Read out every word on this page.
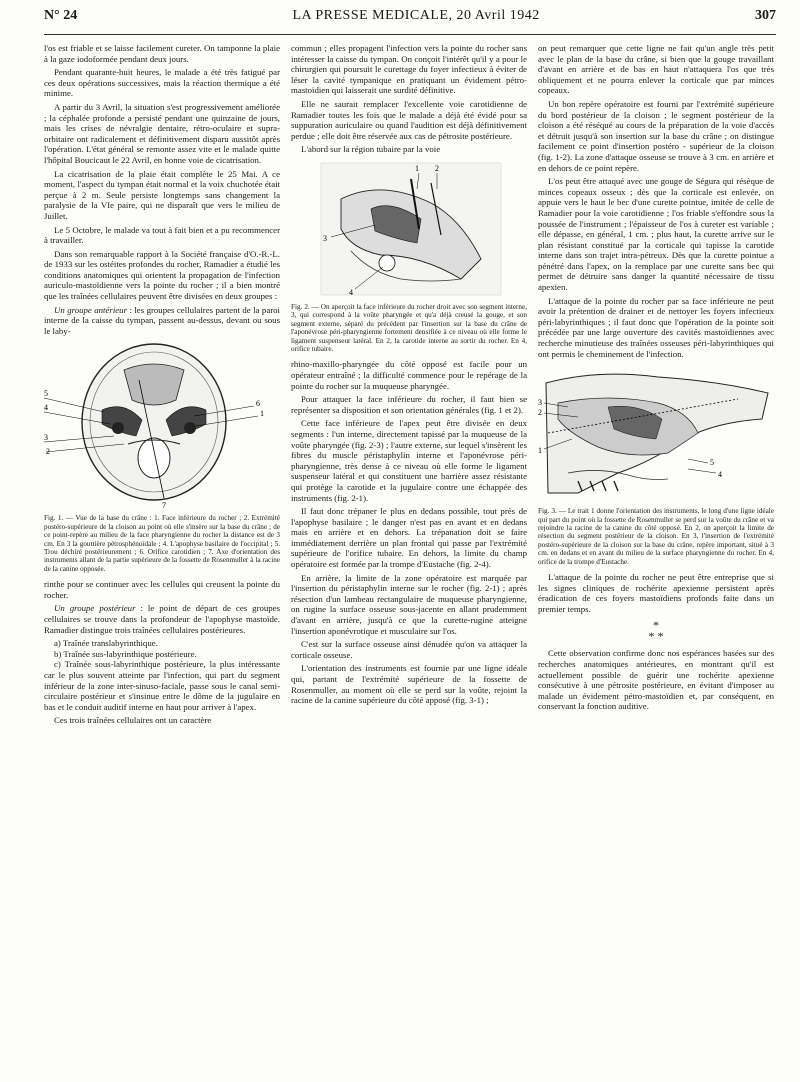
N° 24	LA PRESSE MEDICALE, 20 Avril 1942	307

l'os est friable et se laisse facilement cureter. On tamponne la plaie à la gaze iodoformée pendant deux jours.

Pendant quarante-huit heures, le malade a été très fatigué par ces deux opérations successives, mais la réaction thermique a été minime.

A partir du 3 Avril, la situation s'est progressivement améliorée ; la céphalée profonde a persisté pendant une quinzaine de jours, mais les crises de névralgie dentaire, rétro-oculaire et supra-orbitaire ont radicalement et définitivement disparu aussitôt après l'opération. L'état général se remonte assez vite et le malade quitte l'hôpital Boucicaut le 22 Avril, en bonne voie de cicatrisation.

La cicatrisation de la plaie était complète le 25 Mai. A ce moment, l'aspect du tympan était normal et la voix chuchotée était perçue à 2 m. Seule persiste longtemps sans changement la paralysie de la VIe paire, qui ne disparaît que vers le milieu de Juillet.

Le 5 Octobre, le malade va tout à fait bien et a pu recommencer à travailler.

Dans son remarquable rapport à la Société française d'O.-R.-L. de 1933 sur les ostéites profondes du rocher, Ramadier a étudié les conditions anatomiques qui orientent la propagation de l'infection auriculo-mastoïdienne vers la pointe du rocher ; il a bien montré que les traînées cellulaires peuvent être divisées en deux groupes :

Un groupe antérieur : les groupes cellulaires partent de la paroi interne de la caisse du tympan, passent au-dessus, devant ou sous le laby-

5
4
3
2
6
1
7
Fig. 1. — Vue de la base du crâne : 1. Face inférieure du rocher ; 2. Extrémité postéro-supérieure de la cloison au point où elle s'insère sur la base du crâne ; de ce point-repère au milieu de la face pharyngienne du rocher la distance est de 3 cm. En 3 la gouttière pétrosphénoïdale ; 4. L'apophyse basilaire de l'occipital ; 5. Trou déchiré postérieurement ; 6. Orifice carotidien ; 7. Axe d'orientation des instruments allant de la partie supérieure de la fossette de Rosenmuller à la racine de la canine opposée.

rinthe pour se continuer avec les cellules qui creusent la pointe du rocher.

Un groupe postérieur : le point de départ de ces groupes cellulaires se trouve dans la profondeur de l'apophyse mastoïde. Ramadier distingue trois traînées cellulaires postérieures.

a) Traînée translabyrinthique.
b) Traînée sus-labyrinthique postérieure.
c) Traînée sous-labyrinthique postérieure, la plus intéressante car le plus souvent atteinte par l'infection, qui part du segment inférieur de la zone inter-sinuso-faciale, passe sous le canal semi-circulaire postérieur et s'insinue entre le dôme de la jugulaire en bas et le conduit auditif interne en haut pour arriver à l'apex.

Ces trois traînées cellulaires ont un caractère

commun ; elles propagent l'infection vers la pointe du rocher sans intéresser la caisse du tympan. On conçoit l'intérêt qu'il y a pour le chirurgien qui poursuit le curettage du foyer infectieux à éviter de léser la cavité tympanique en pratiquant un évidement pétro-mastoïdien qui laisserait une surdité définitive.

Elle ne saurait remplacer l'excellente voie carotidienne de Ramadier toutes les fois que le malade a déjà été évidé pour sa suppuration auriculaire ou quand l'audition est déjà définitivement perdue ; elle doit être réservée aux cas de pétrosite postérieure.

L'abord sur la région tubaire par la voie

1 2
3
4
Fig. 2. — On aperçoit la face inférieure du rocher droit avec son segment interne, 3, qui correspond à la voûte pharyngée et qu'a déjà creusé la gouge, et son segment externe, séparé du précédent par l'insertion sur la base du crâne de l'aponévrose péri-pharyngienne fortement densifiée à ce niveau où elle forme le ligament suspenseur latéral. En 2, la carotide interne au sortir du rocher. En 4, orifice tubaire.

rhino-maxillo-pharyngée du côté opposé est facile pour un opérateur entraîné ; la difficulté commence pour le repérage de la pointe du rocher sur la muqueuse pharyngée.

Pour attaquer la face inférieure du rocher, il faut bien se représenter sa disposition et son orientation générales (fig. 1 et 2).

Cette face inférieure de l'apex peut être divisée en deux segments : l'un interne, directement tapissé par la muqueuse de la voûte pharyngée (fig. 2-3) ; l'autre externe, sur lequel s'insèrent les fibres du muscle péristaphylin interne et l'aponévrose péri-pharyngienne, très dense à ce niveau où elle forme le ligament suspenseur latéral et qui constituent une barrière assez résistante qui protège la carotide et la jugulaire contre une échappée des instruments (fig. 2-1).

Il faut donc trépaner le plus en dedans possible, tout près de l'apophyse basilaire ; le danger n'est pas en avant et en dedans mais en arrière et en dehors. La trépanation doit se faire immédiatement derrière un plan frontal qui passe par l'extrémité supérieure de l'orifice tubaire. En dehors, la limite du champ opératoire est formée par la trompe d'Eustache (fig. 2-4).

En arrière, la limite de la zone opératoire est marquée par l'insertion du péristaphylin interne sur le rocher (fig. 2-1) ; après résection d'un lambeau rectangulaire de muqueuse pharyngienne, on rugine la surface osseuse sous-jacente en allant prudemment d'avant en arrière, jusqu'à ce que la curette-rugine atteigne l'insertion aponévrotique et musculaire sur l'os.

C'est sur la surface osseuse ainsi dénudée qu'on va attaquer la corticale osseuse.

L'orientation des instruments est fournie par une ligne idéale qui, partant de l'extrémité supérieure de la fossette de Rosenmuller, au moment où elle se perd sur la voûte, rejoint la racine de la canine supérieure du côté apposé (fig. 3-1) ;

on peut remarquer que cette ligne ne fait qu'un angle très petit avec le plan de la base du crâne, si bien que la gouge travaillant d'avant en arrière et de bas en haut n'attaquera l'os que très obliquement et ne pourra enlever la corticale que par minces copeaux.

Un bon repère opératoire est fourni par l'extrémité supérieure du bord postérieur de la cloison ; le segment postérieur de la cloison a été réséqué au cours de la préparation de la voie d'accès et détruit jusqu'à son insertion sur la base du crâne ; on distingue facilement ce point d'insertion postéro - supérieur de la cloison (fig. 1-2). La zone d'attaque osseuse se trouve à 3 cm. en arrière et en dehors de ce point repère.

L'os peut être attaqué avec une gouge de Ségura qui résèque de minces copeaux osseux ; dès que la corticale est enlevée, on appuie vers le haut le bec d'une curette pointue, imitée de celle de Ramadier pour la voie carotidienne ; l'os friable s'effondre sous la poussée de l'instrument ; l'épaisseur de l'os à cureter est variable ; elle dépasse, en général, 1 cm. ; plus haut, la curette arrive sur le plan résistant constitué par la corticale qui tapisse la carotide interne dans son trajet intra-pétreux. Dès que la curette pointue a pénétré dans l'apex, on la remplace par une curette sans bec qui permet de détruire sans danger la quantité nécessaire de tissu apexien.

L'attaque de la pointe du rocher par sa face inférieure ne peut avoir la prétention de drainer et de nettoyer les foyers infectieux péri-labyrinthiques ; il faut donc que l'opération de la pointe soit précédée par une large ouverture des cavités mastoïdiennes avec recherche minutieuse des traînées osseuses péri-labyrinthiques qui ont permis le cheminement de l'infection.

3
2
1
5
4
Fig. 3. — Le trait 1 donne l'orientation des instruments, le long d'une ligne idéale qui part du point où la fossette de Rosenmuller se perd sur la voûte du crâne et va rejoindre la racine de la canine du côté opposé. En 2, on aperçoit la limite de résection du segment postérieur de la cloison. En 3, l'insertion de l'extrémité postéro-supérieure de la cloison sur la base du crâne, repère important, situé à 3 cm. en dedans et en avant du milieu de la surface pharyngienne du rocher. En 4, orifice de la trompe d'Eustache.

L'attaque de la pointe du rocher ne peut être entreprise que si les signes cliniques de rochérite apexienne persistent après éradication de ces foyers mastoïdiens profonds faite dans un premier temps.

*
* *

Cette observation confirme donc nos espérances basées sur des recherches anatomiques antérieures, en montrant qu'il est actuellement possible de guérir une rochérite apexienne consécutive à une pétrosite postérieure, en évitant d'imposer au malade un évidement pétro-mastoïdien et, par conséquent, en conservant la fonction auditive.
